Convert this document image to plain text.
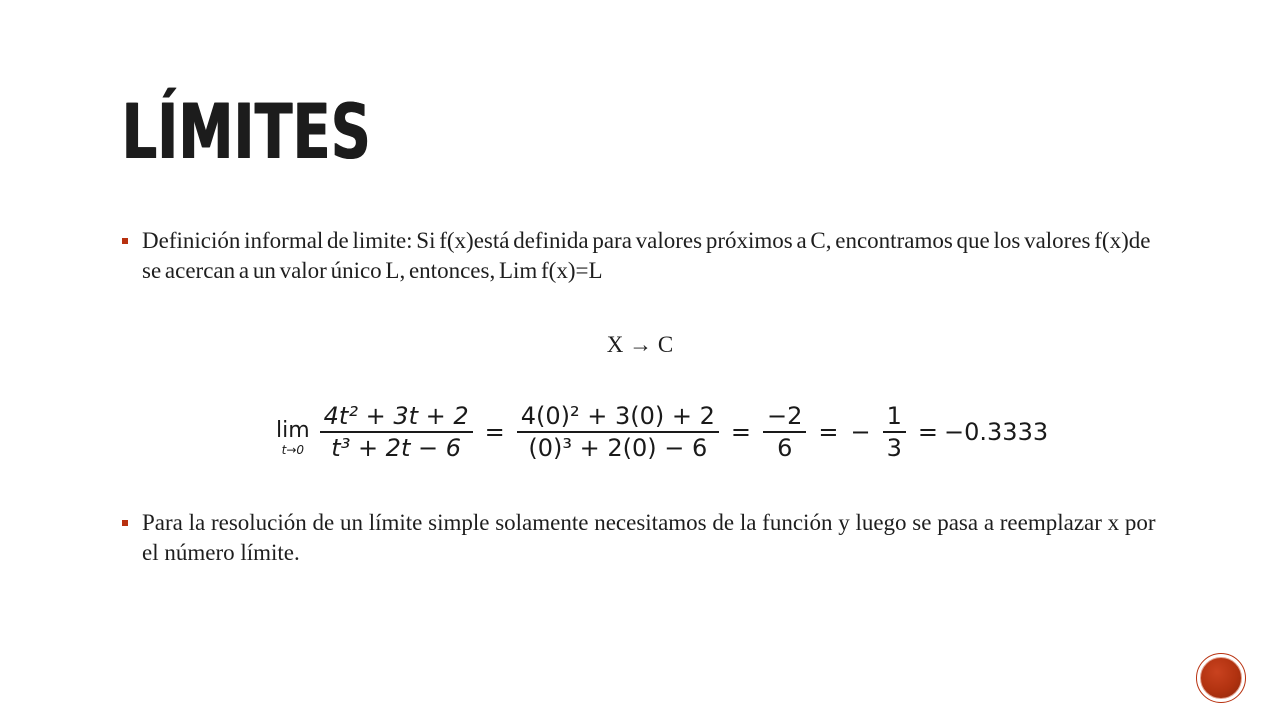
LÍMITES
Definición informal de limite: Si f(x)está definida para valores próximos a C, encontramos que los valores f(x)de se acercan a un valor único L, entonces, Lim f(x)=L
X → C
lim
$t\to 0 \frac{\text{4t² + 3t + 2}}{\text{t³ + 2t − 6}} = \frac{\text{4(0)² + 3(0) + 2}}{\text{(0)³ + 2(0) − 6}} = \frac{-2}{6}$ = − $\frac{1}{3} = -0.3333$
Para la resolución de un límite simple solamente necesitamos de la función y luego se pasa a reemplazar x por el número límite.
